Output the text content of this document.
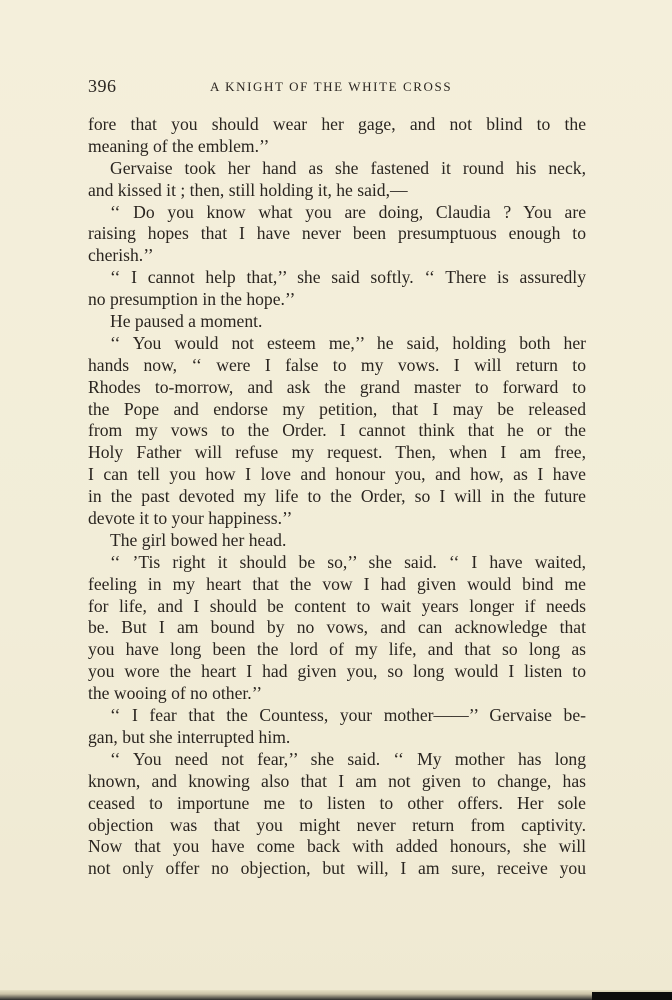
396	A KNIGHT OF THE WHITE CROSS
fore that you should wear her gage, and not blind to the
meaning of the emblem.’’
Gervaise took her hand as she fastened it round his neck,
and kissed it ; then, still holding it, he said,—
‘‘ Do you know what you are doing, Claudia ? You are
raising hopes that I have never been presumptuous enough to
cherish.’’
‘‘ I cannot help that,’’ she said softly. ‘‘ There is assuredly
no presumption in the hope.’’
He paused a moment.
‘‘ You would not esteem me,’’ he said, holding both her
hands now, ‘‘ were I false to my vows. I will return to
Rhodes to-morrow, and ask the grand master to forward to
the Pope and endorse my petition, that I may be released
from my vows to the Order. I cannot think that he or the
Holy Father will refuse my request. Then, when I am free,
I can tell you how I love and honour you, and how, as I have
in the past devoted my life to the Order, so I will in the future
devote it to your happiness.’’
The girl bowed her head.
‘‘ ’Tis right it should be so,’’ she said. ‘‘ I have waited,
feeling in my heart that the vow I had given would bind me
for life, and I should be content to wait years longer if needs
be. But I am bound by no vows, and can acknowledge that
you have long been the lord of my life, and that so long as
you wore the heart I had given you, so long would I listen to
the wooing of no other.’’
‘‘ I fear that the Countess, your mother——’’ Gervaise be-
gan, but she interrupted him.
‘‘ You need not fear,’’ she said. ‘‘ My mother has long
known, and knowing also that I am not given to change, has
ceased to importune me to listen to other offers. Her sole
objection was that you might never return from captivity.
Now that you have come back with added honours, she will
not only offer no objection, but will, I am sure, receive you
